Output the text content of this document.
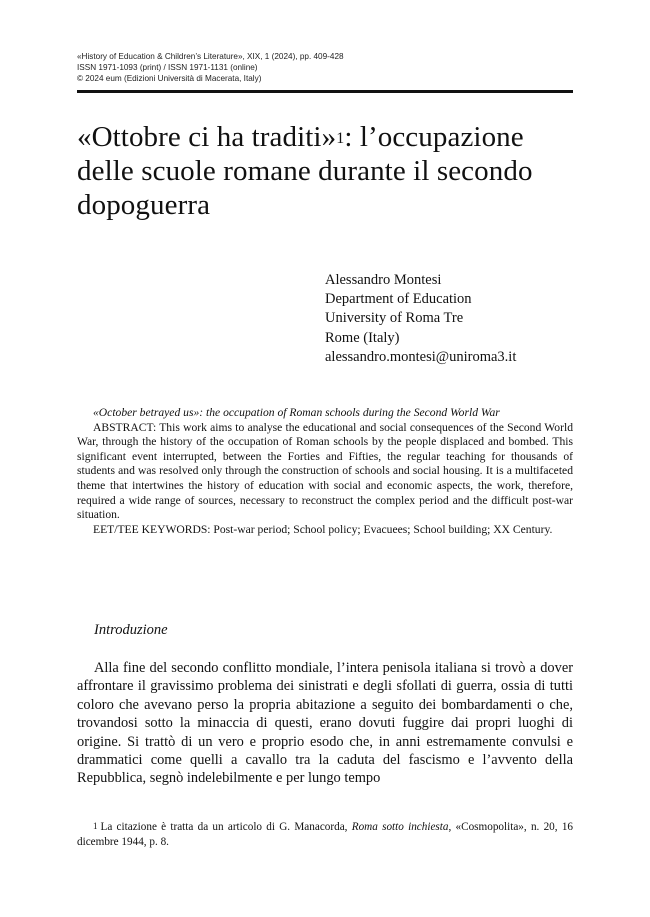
«History of Education & Children’s Literature», XIX, 1 (2024), pp. 409-428
ISSN 1971-1093 (print) / ISSN 1971-1131 (online)
© 2024 eum (Edizioni Università di Macerata, Italy)
«Ottobre ci ha traditi»$^1$: l’occupazione delle scuole romane durante il secondo dopoguerra
Alessandro Montesi
Department of Education
University of Roma Tre
Rome (Italy)
alessandro.montesi@uniroma3.it

«October betrayed us»: the occupation of Roman schools during the Second World War

ABSTRACT: This work aims to analyse the educational and social consequences of the Second World War, through the history of the occupation of Roman schools by the people displaced and bombed. This significant event interrupted, between the Forties and Fifties, the regular teaching for thousands of students and was resolved only through the construction of schools and social housing. It is a multifaceted theme that intertwines the history of education with social and economic aspects, the work, therefore, required a wide range of sources, necessary to reconstruct the complex period and the difficult post-war situation.

EET/TEE KEYWORDS: Post-war period; School policy; Evacuees; School building; XX Century.

Introduzione

Alla fine del secondo conflitto mondiale, l’intera penisola italiana si trovò a dover affrontare il gravissimo problema dei sinistrati e degli sfollati di guerra, ossia di tutti coloro che avevano perso la propria abitazione a seguito dei bombardamenti o che, trovandosi sotto la minaccia di questi, erano dovuti fuggire dai propri luoghi di origine. Si trattò di un vero e proprio esodo che, in anni estremamente convulsi e drammatici come quelli a cavallo tra la caduta del fascismo e l’avvento della Repubblica, segnò indelebilmente e per lungo tempo

$^1$ La citazione è tratta da un articolo di G. Manacorda, Roma sotto inchiesta, «Cosmopolita», n. 20, 16 dicembre 1944, p. 8.
